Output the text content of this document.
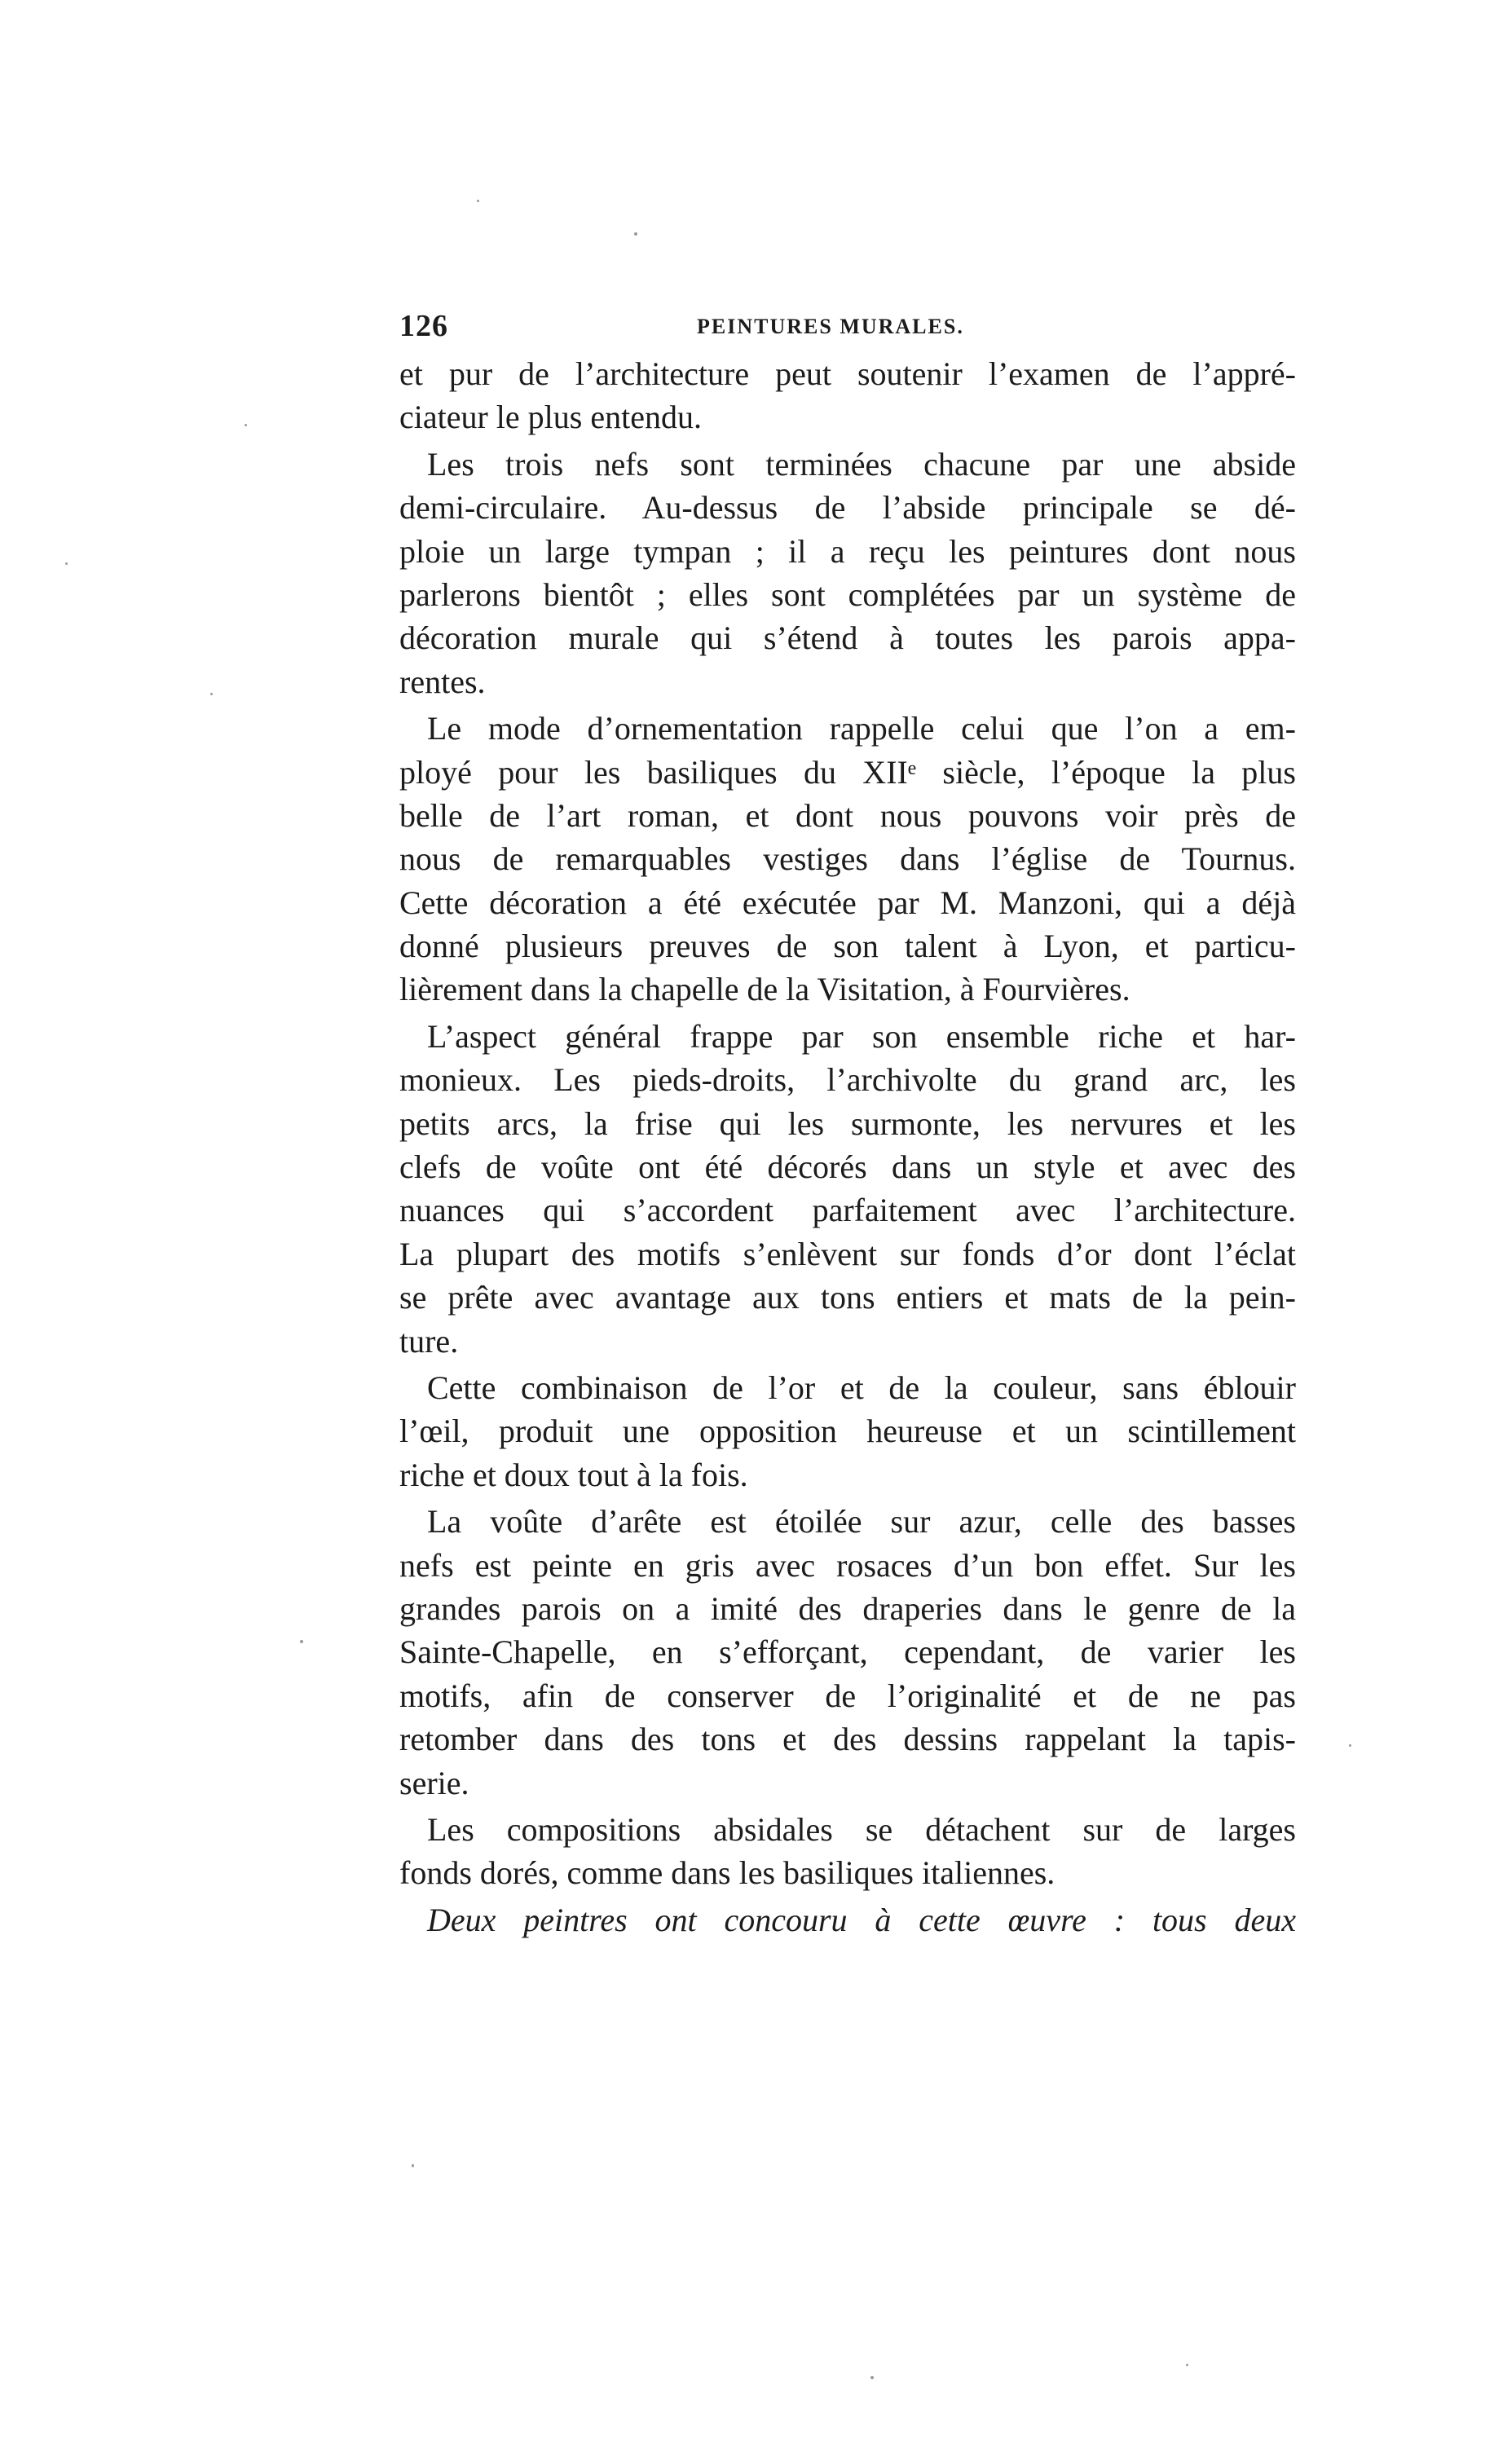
126	PEINTURES MURALES.
et pur de l’architecture peut soutenir l’examen de l’appré-
ciateur le plus entendu.
Les trois nefs sont terminées chacune par une abside
demi-circulaire. Au-dessus de l’abside principale se dé-
ploie un large tympan ; il a reçu les peintures dont nous
parlerons bientôt ; elles sont complétées par un système de
décoration murale qui s’étend à toutes les parois appa-
rentes.
Le mode d’ornementation rappelle celui que l’on a em-
ployé pour les basiliques du XIIᵉ siècle, l’époque la plus
belle de l’art roman, et dont nous pouvons voir près de
nous de remarquables vestiges dans l’église de Tournus.
Cette décoration a été exécutée par M. Manzoni, qui a déjà
donné plusieurs preuves de son talent à Lyon, et particu-
lièrement dans la chapelle de la Visitation, à Fourvières.
L’aspect général frappe par son ensemble riche et har-
monieux. Les pieds-droits, l’archivolte du grand arc, les
petits arcs, la frise qui les surmonte, les nervures et les
clefs de voûte ont été décorés dans un style et avec des
nuances qui s’accordent parfaitement avec l’architecture.
La plupart des motifs s’enlèvent sur fonds d’or dont l’éclat
se prête avec avantage aux tons entiers et mats de la pein-
ture.
Cette combinaison de l’or et de la couleur, sans éblouir
l’œil, produit une opposition heureuse et un scintillement
riche et doux tout à la fois.
La voûte d’arête est étoilée sur azur, celle des basses
nefs est peinte en gris avec rosaces d’un bon effet. Sur les
grandes parois on a imité des draperies dans le genre de la
Sainte-Chapelle, en s’efforçant, cependant, de varier les
motifs, afin de conserver de l’originalité et de ne pas
retomber dans des tons et des dessins rappelant la tapis-
serie.
Les compositions absidales se détachent sur de larges
fonds dorés, comme dans les basiliques italiennes.
Deux peintres ont concouru à cette œuvre : tous deux
